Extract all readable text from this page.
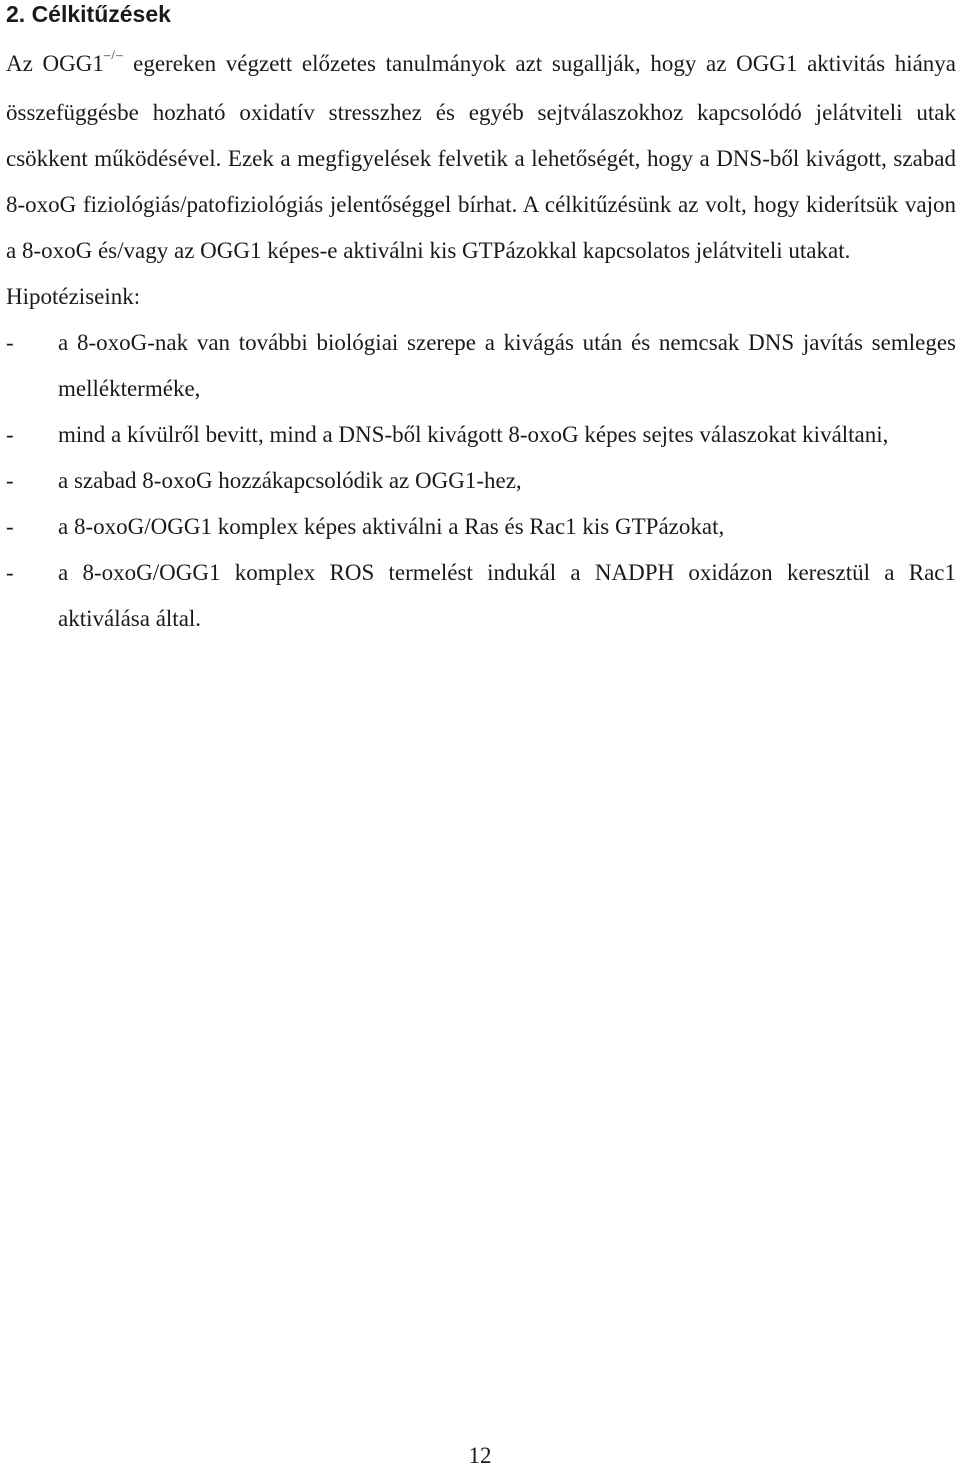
2. Célkitűzések

Az OGG1–/– egereken végzett előzetes tanulmányok azt sugallják, hogy az OGG1 aktivitás hiánya összefüggésbe hozható oxidatív stresszhez és egyéb sejtválaszokhoz kapcsolódó jelátviteli utak csökkent működésével. Ezek a megfigyelések felvetik a lehetőségét, hogy a DNS-ből kivágott, szabad 8-oxoG fiziológiás/patofiziológiás jelentőséggel bírhat. A célkitűzésünk az volt, hogy kiderítsük vajon a 8-oxoG és/vagy az OGG1 képes-e aktiválni kis GTPázokkal kapcsolatos jelátviteli utakat.

Hipotéziseink:

- a 8-oxoG-nak van további biológiai szerepe a kivágás után és nemcsak DNS javítás semleges mellékterméke,
- mind a kívülről bevitt, mind a DNS-ből kivágott 8-oxoG képes sejtes válaszokat kiváltani,
- a szabad 8-oxoG hozzákapcsolódik az OGG1-hez,
- a 8-oxoG/OGG1 komplex képes aktiválni a Ras és Rac1 kis GTPázokat,
- a 8-oxoG/OGG1 komplex ROS termelést indukál a NADPH oxidázon keresztül a Rac1 aktiválása által.
12
